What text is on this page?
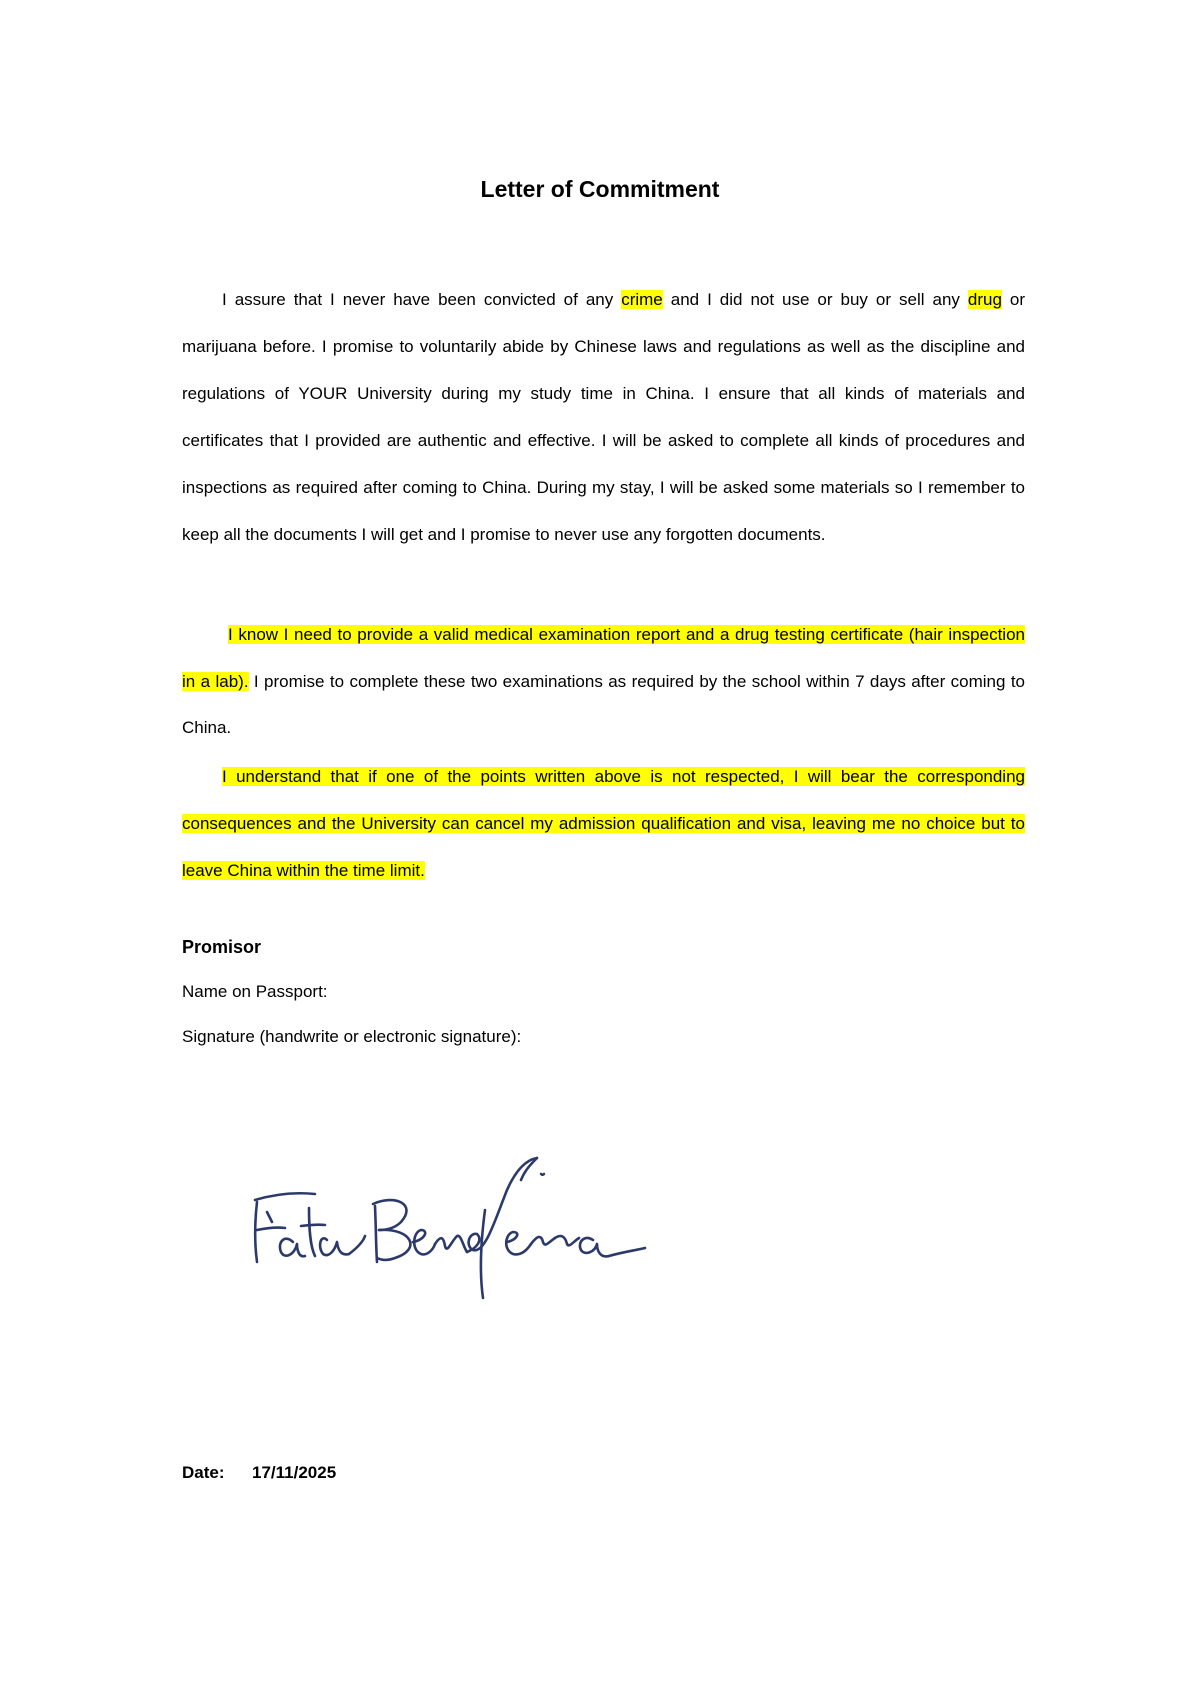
Letter of Commitment

I assure that I never have been convicted of any crime and I did not use or buy or sell any drug or marijuana before. I promise to voluntarily abide by Chinese laws and regulations as well as the discipline and regulations of YOUR University during my study time in China. I ensure that all kinds of materials and certificates that I provided are authentic and effective. I will be asked to complete all kinds of procedures and inspections as required after coming to China. During my stay, I will be asked some materials so I remember to keep all the documents I will get and I promise to never use any forgotten documents.

I know I need to provide a valid medical examination report and a drug testing certificate (hair inspection in a lab). I promise to complete these two examinations as required by the school within 7 days after coming to China.

I understand that if one of the points written above is not respected, I will bear the corresponding consequences and the University can cancel my admission qualification and visa, leaving me no choice but to leave China within the time limit.

Promisor
Name on Passport:
Signature (handwrite or electronic signature):
Date: 17/11/2025
